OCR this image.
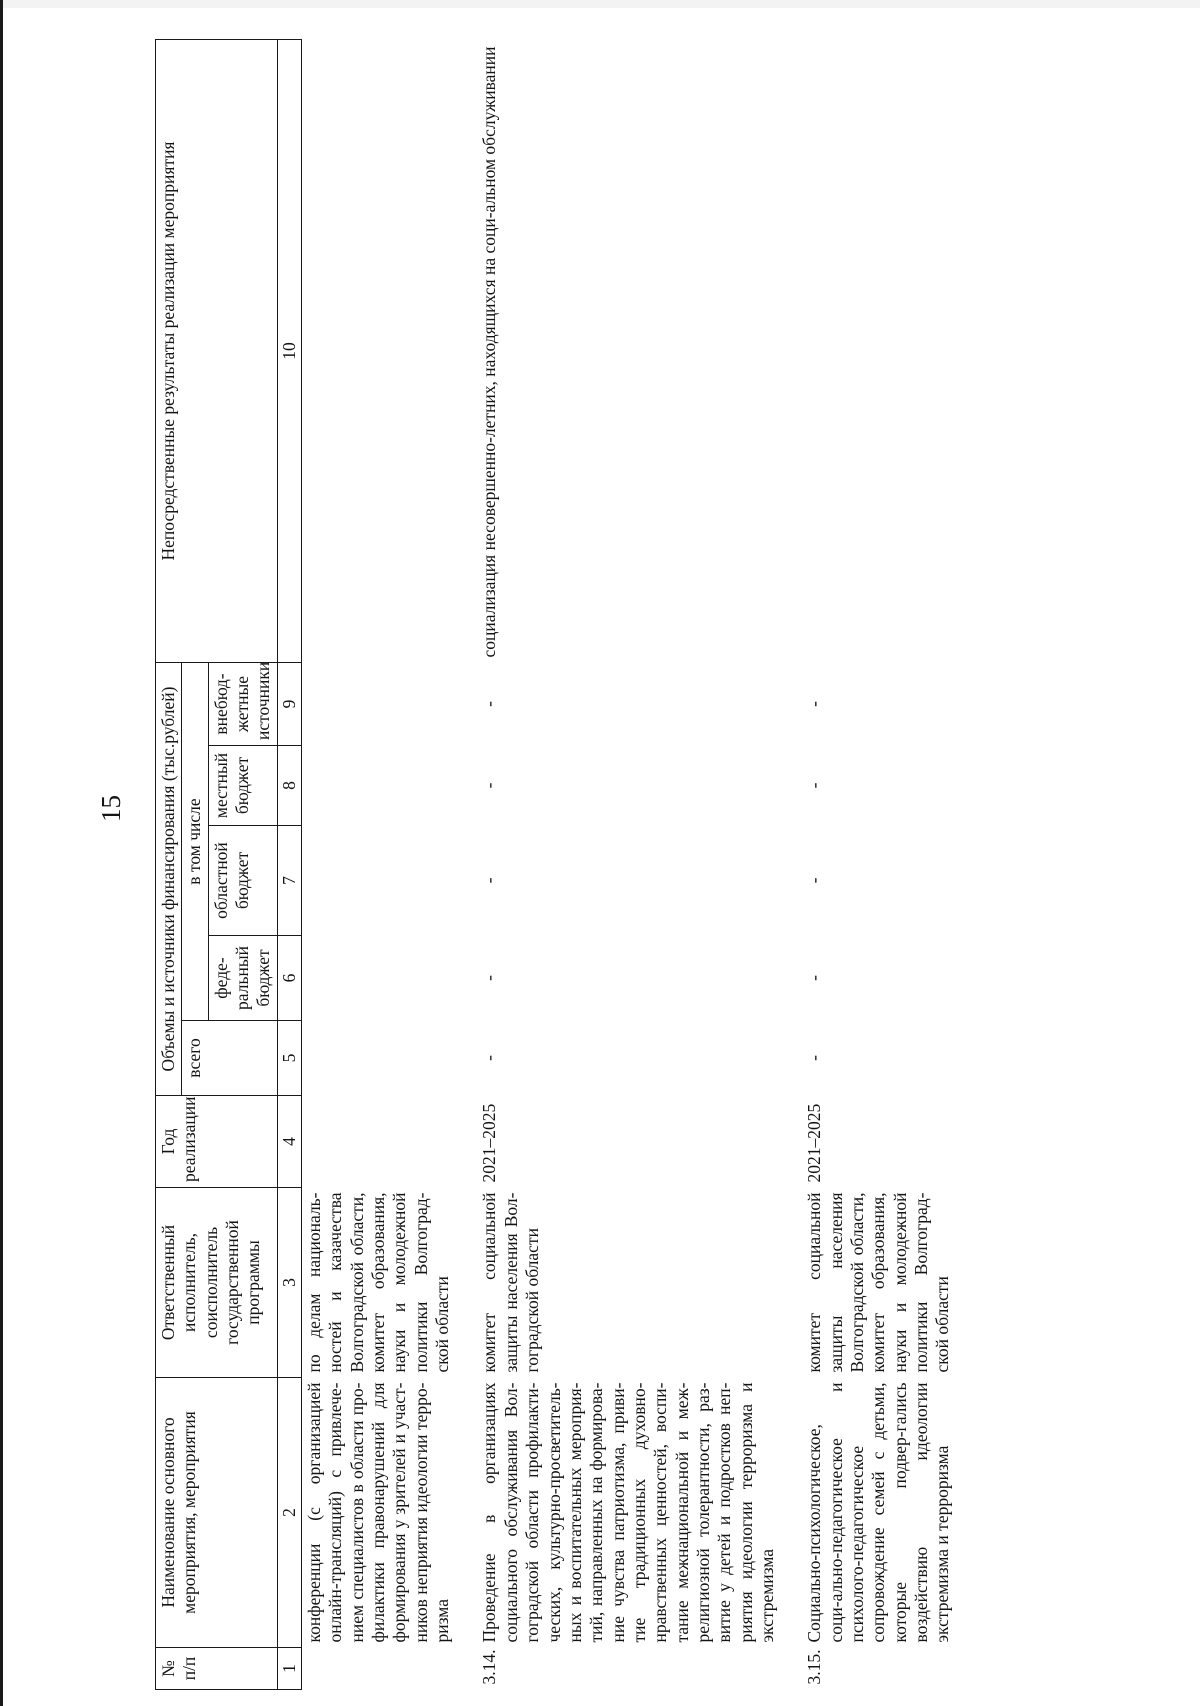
15
№ п/п	Наименование основного мероприятия, мероприятия	Ответственный исполнитель, соисполнитель государственной программы	Год реализации	Объемы и источники финансирования (тыс.рублей)					Непосредственные результаты реализации мероприятия
				всего	в том числе				
					феде-ральный бюджет	областной бюджет	местный бюджет	внебюд-жетные источники	
1	2	3	4	5	6	7	8	9	10
	конференции (с организацией онлайн-трансляций) с привлече-нием специалистов в области про-филактики правонарушений для формирования у зрителей и участ-ников неприятия идеологии терро-ризма	по делам националь-ностей и казачества Волгоградской области, комитет образования, науки и молодежной политики Волгоград-ской области							

3.14.	Проведение в организациях социального обслуживания Вол-гоградской области профилакти-ческих, культурно-просветитель-ных и воспитательных мероприя-тий, направленных на формирова-ние чувства патриотизма, приви-тие традиционных духовно-нравственных ценностей, воспи-тание межнациональной и меж-религиозной толерантности, раз-витие у детей и подростков неп-риятия идеологии терроризма и экстремизма	комитет социальной защиты населения Вол-гоградской области	2021–2025	-	-	-	-	-	социализация несовершенно-летних, находящихся на соци-альном обслуживании

3.15.	Социально-психологическое, соци-ально-педагогическое и психолого-педагогическое сопровождение семей с детьми, которые подвер-гались воздействию идеологии экстремизма и терроризма	комитет социальной защиты населения Волгоградской области, комитет образования, науки и молодежной политики Волгоград-ской области	2021–2025	-	-	-	-	-	
